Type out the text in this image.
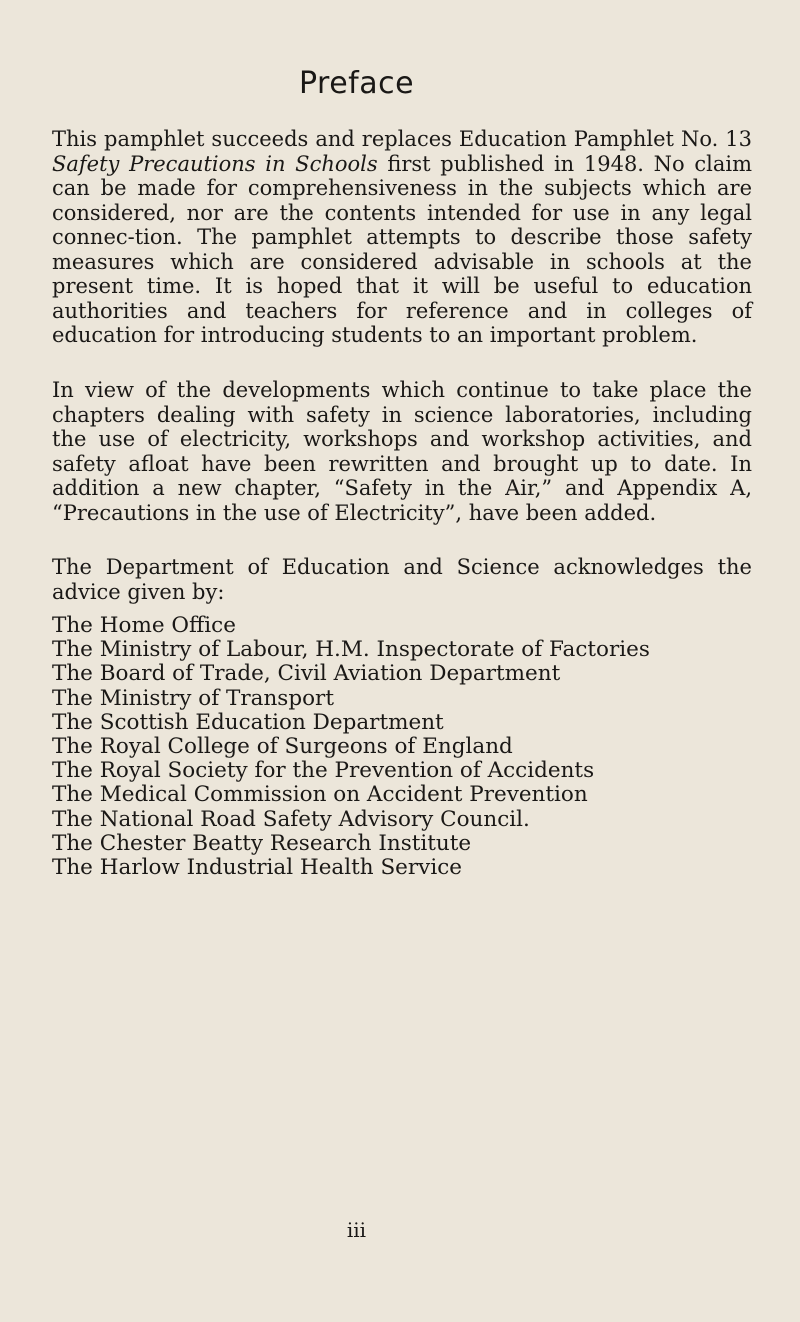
Preface

This pamphlet succeeds and replaces Education Pamphlet No. 13 Safety Precautions in Schools first published in 1948. No claim can be made for comprehensiveness in the subjects which are considered, nor are the contents intended for use in any legal connec-tion. The pamphlet attempts to describe those safety measures which are considered advisable in schools at the present time. It is hoped that it will be useful to education authorities and teachers for reference and in colleges of education for introducing students to an important problem.

In view of the developments which continue to take place the chapters dealing with safety in science laboratories, including the use of electricity, workshops and workshop activities, and safety afloat have been rewritten and brought up to date. In addition a new chapter, “Safety in the Air,” and Appendix A, “Precautions in the use of Electricity”, have been added.

The Department of Education and Science acknowledges the advice given by:

The Home Office
The Ministry of Labour, H.M. Inspectorate of Factories
The Board of Trade, Civil Aviation Department
The Ministry of Transport
The Scottish Education Department
The Royal College of Surgeons of England
The Royal Society for the Prevention of Accidents
The Medical Commission on Accident Prevention
The National Road Safety Advisory Council.
The Chester Beatty Research Institute
The Harlow Industrial Health Service

iii
